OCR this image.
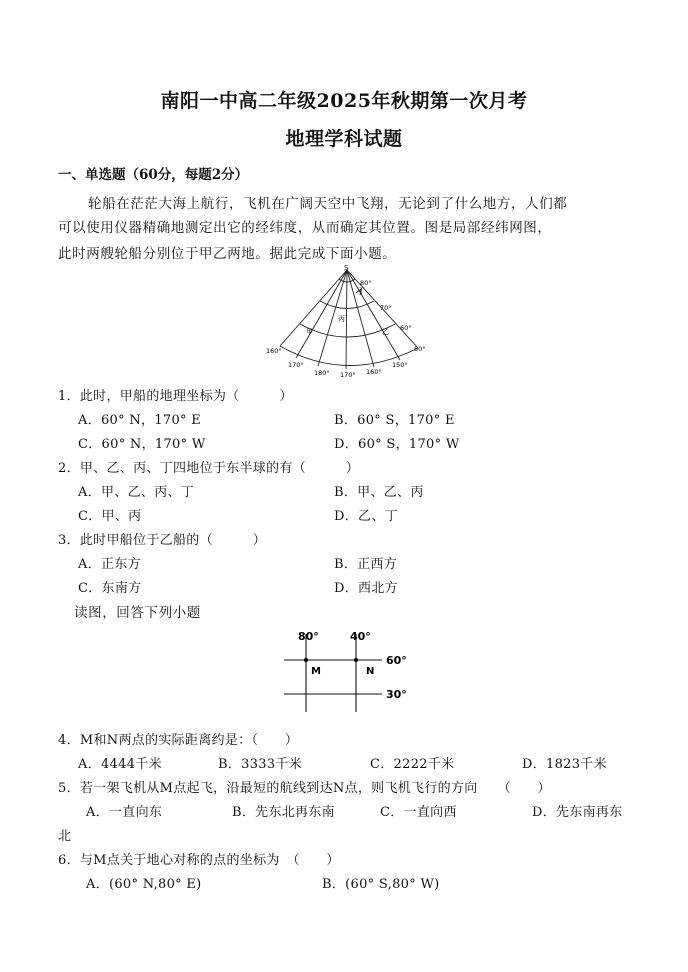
南阳一中高二年级2025年秋期第一次月考
地理学科试题
一、单选题（60分，每题2分）
轮船在茫茫大海上航行，飞机在广阔天空中飞翔，无论到了什么地方，人们都
可以使用仪器精确地测定出它的经纬度，从而确定其位置。图是局部经纬网图，
此时两艘轮船分别位于甲乙两地。据此完成下面小题。
S
80°
70°
60°
50°
160°
170°
180° 170° 160°
150°
甲
丙
丁
乙
1．此时，甲船的地理坐标为（　　　）
A．60° N，170° E	B．60° S，170° E
C．60° N，170° W	D．60° S，170° W
2．甲、乙、丙、丁四地位于东半球的有（　　　）
A．甲、乙、丙、丁	B．甲、乙、丙
C．甲、丙	D．乙、丁
3．此时甲船位于乙船的（　　　）
A．正东方	B．正西方
C．东南方	D．西北方
读图，回答下列小题
80°	40°
60°
30°
M	N
4．M和N两点的实际距离约是：（　　）
A．4444千米	B．3333千米	C．2222千米	D．1823千米
5．若一架飞机从M点起飞，沿最短的航线到达N点，则飞机飞行的方向　　（　　）
A．一直向东	B．先东北再东南	C．一直向西	D．先东南再东
北
6．与M点关于地心对称的点的坐标为　（　　）
A．(60° N,80° E)	B．(60° S,80° W)
